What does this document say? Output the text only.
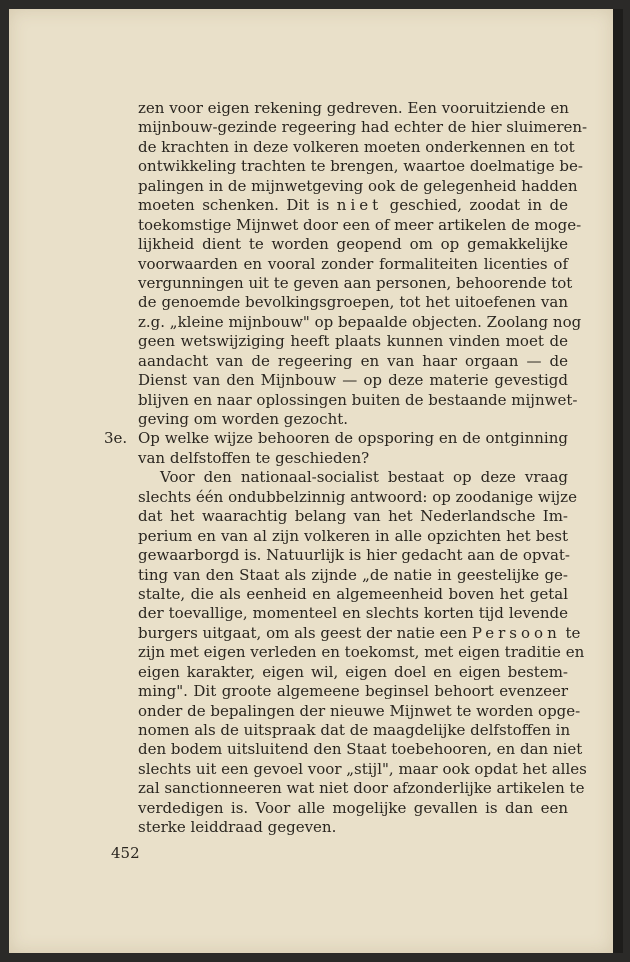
zen voor eigen rekening gedreven. Een vooruitziende en
mijnbouw-gezinde regeering had echter de hier sluimeren-
de krachten in deze volkeren moeten onderkennen en tot
ontwikkeling trachten te brengen, waartoe doelmatige be-
palingen in de mijnwetgeving ook de gelegenheid hadden
moeten schenken. Dit is niet geschied, zoodat in de
toekomstige Mijnwet door een of meer artikelen de moge-
lijkheid dient te worden geopend om op gemakkelijke
voorwaarden en vooral zonder formaliteiten licenties of
vergunningen uit te geven aan personen, behoorende tot
de genoemde bevolkingsgroepen, tot het uitoefenen van
z.g. „kleine mijnbouw" op bepaalde objecten. Zoolang nog
geen wetswijziging heeft plaats kunnen vinden moet de
aandacht van de regeering en van haar orgaan — de
Dienst van den Mijnbouw — op deze materie gevestigd
blijven en naar oplossingen buiten de bestaande mijnwet-
geving om worden gezocht.
3e. Op welke wijze behooren de opsporing en de ontginning
van delfstoffen te geschieden?
Voor den nationaal-socialist bestaat op deze vraag
slechts één ondubbelzinnig antwoord: op zoodanige wijze
dat het waarachtig belang van het Nederlandsche Im-
perium en van al zijn volkeren in alle opzichten het best
gewaarborgd is. Natuurlijk is hier gedacht aan de opvat-
ting van den Staat als zijnde „de natie in geestelijke ge-
stalte, die als eenheid en algemeenheid boven het getal
der toevallige, momenteel en slechts korten tijd levende
burgers uitgaat, om als geest der natie een Persoon te
zijn met eigen verleden en toekomst, met eigen traditie en
eigen karakter, eigen wil, eigen doel en eigen bestem-
ming". Dit groote algemeene beginsel behoort evenzeer
onder de bepalingen der nieuwe Mijnwet te worden opge-
nomen als de uitspraak dat de maagdelijke delfstoffen in
den bodem uitsluitend den Staat toebehooren, en dan niet
slechts uit een gevoel voor „stijl", maar ook opdat het alles
zal sanctionneeren wat niet door afzonderlijke artikelen te
verdedigen is. Voor alle mogelijke gevallen is dan een
sterke leiddraad gegeven.
452
